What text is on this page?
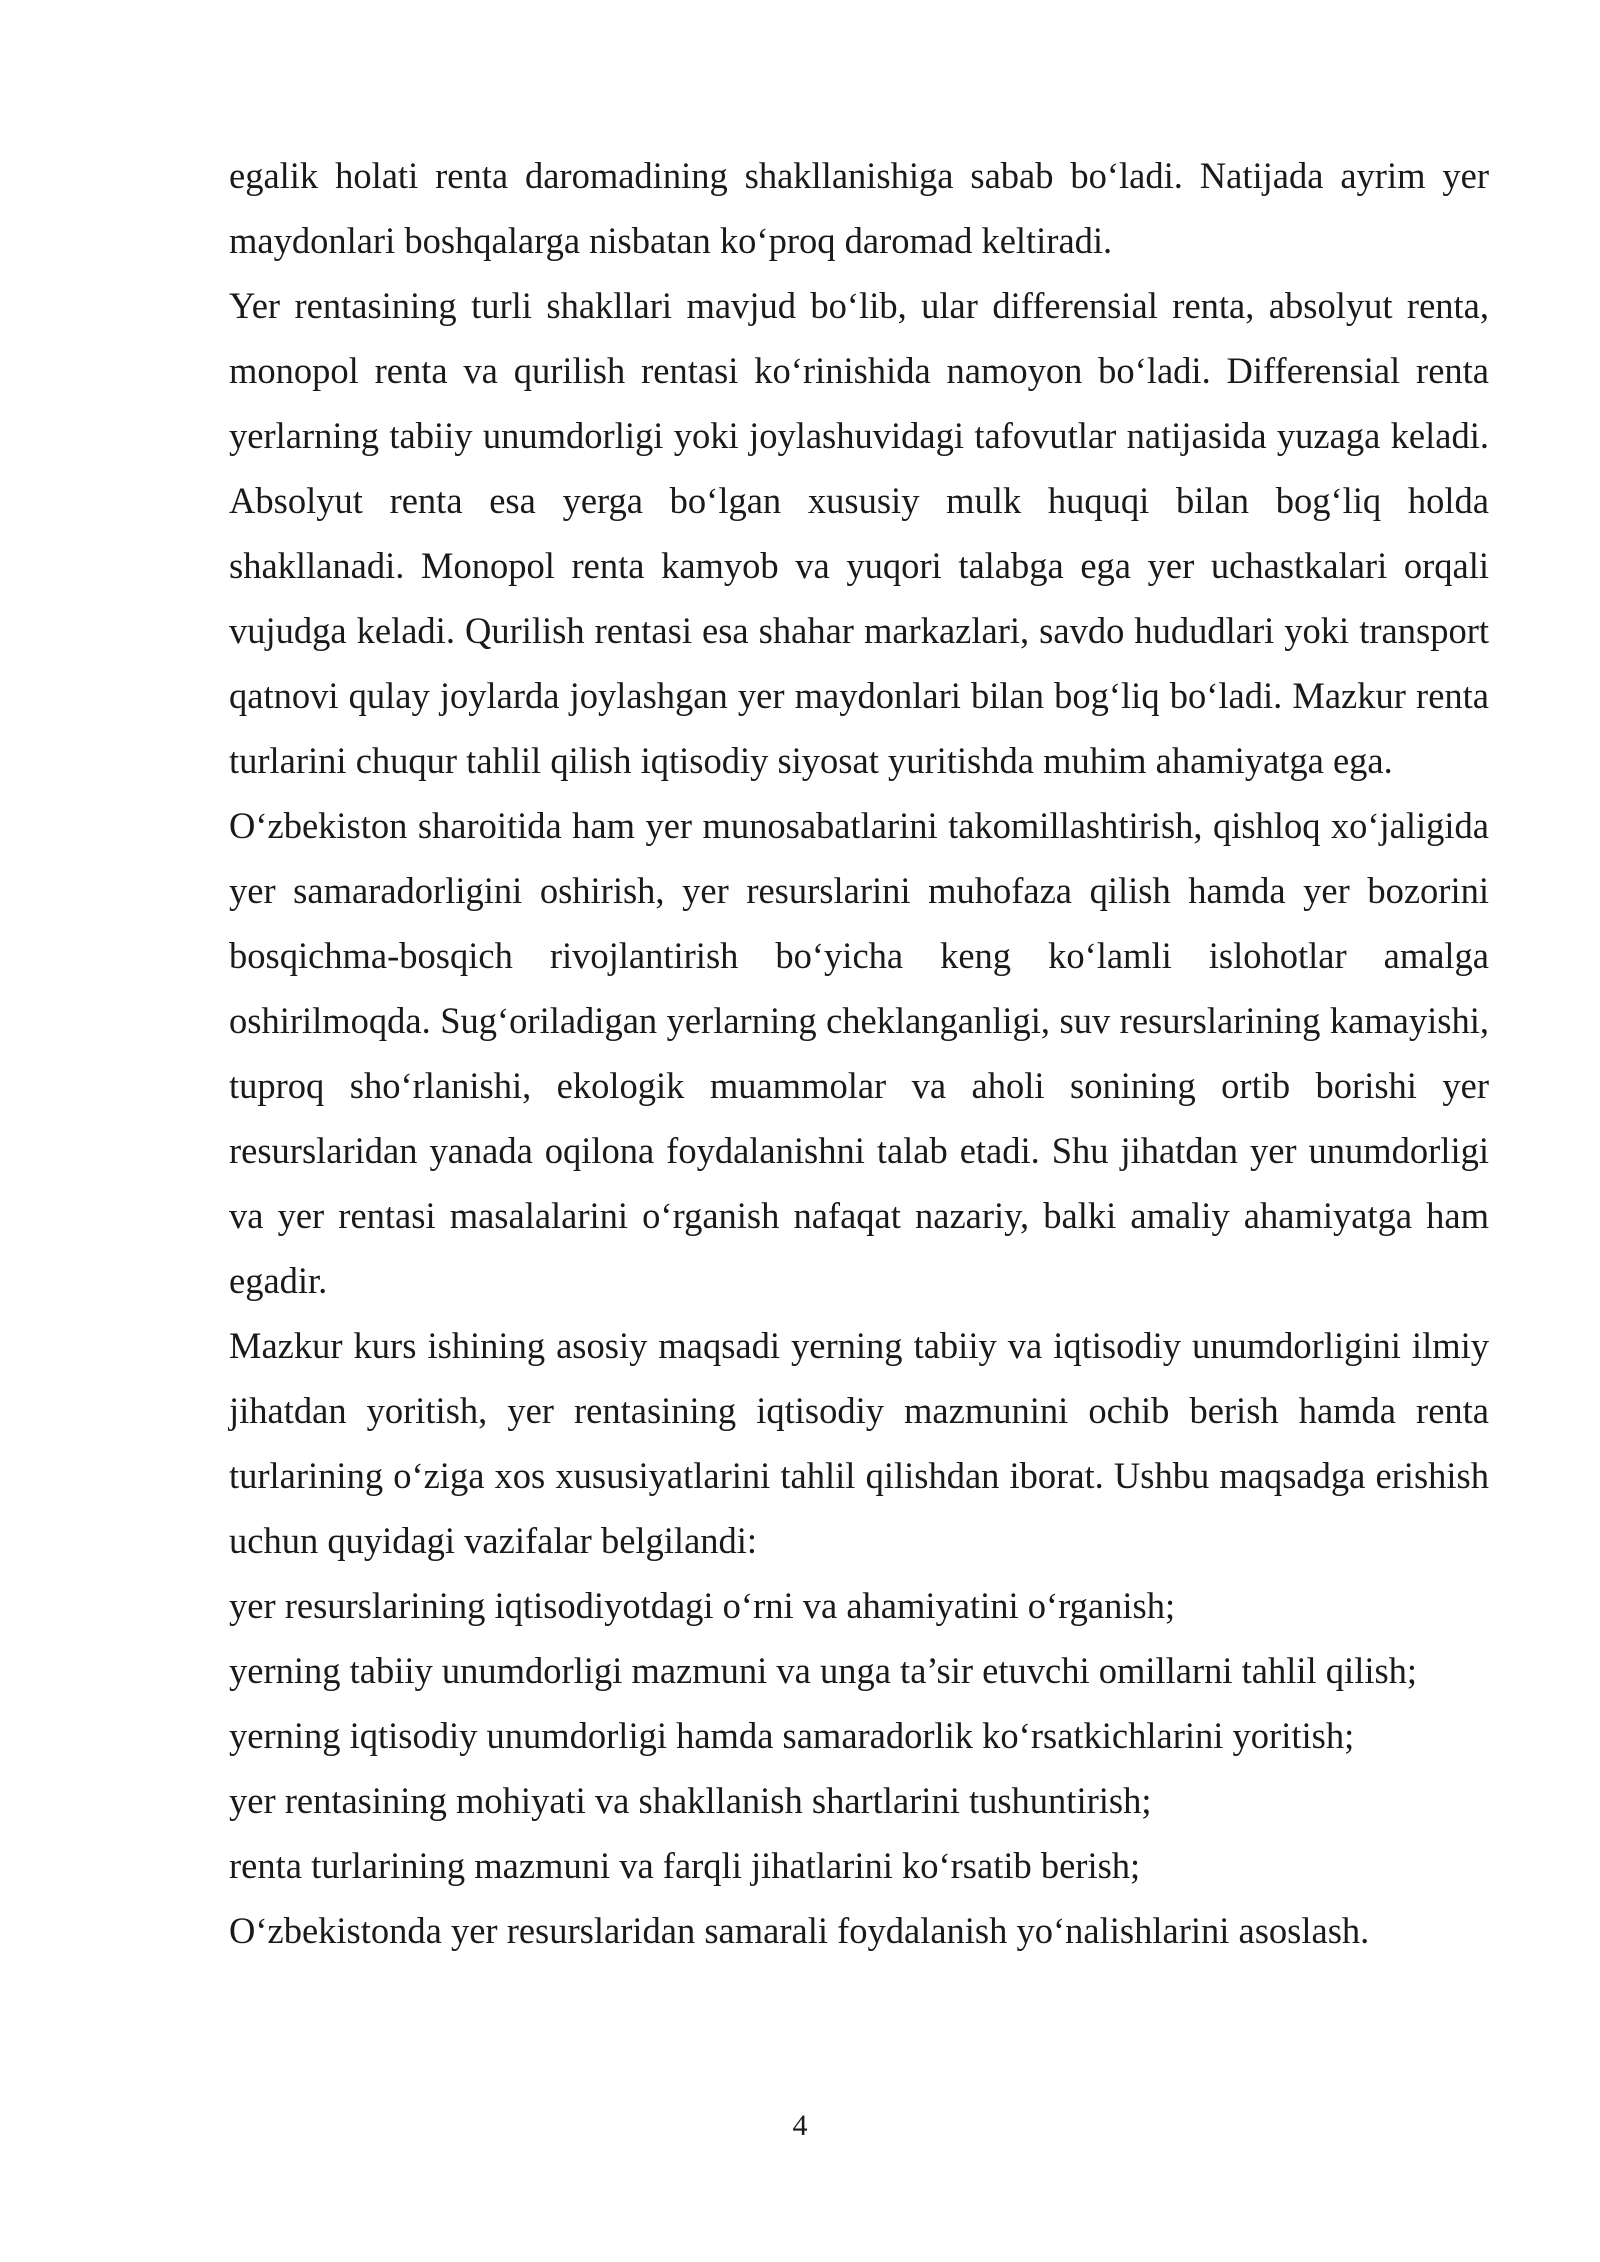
egalik holati renta daromadining shakllanishiga sabab bo‘ladi. Natijada ayrim yer maydonlari boshqalarga nisbatan ko‘proq daromad keltiradi.

Yer rentasining turli shakllari mavjud bo‘lib, ular differensial renta, absolyut renta, monopol renta va qurilish rentasi ko‘rinishida namoyon bo‘ladi. Differensial renta yerlarning tabiiy unumdorligi yoki joylashuvidagi tafovutlar natijasida yuzaga keladi. Absolyut renta esa yerga bo‘lgan xususiy mulk huquqi bilan bog‘liq holda shakllanadi. Monopol renta kamyob va yuqori talabga ega yer uchastkalari orqali vujudga keladi. Qurilish rentasi esa shahar markazlari, savdo hududlari yoki transport qatnovi qulay joylarda joylashgan yer maydonlari bilan bog‘liq bo‘ladi. Mazkur renta turlarini chuqur tahlil qilish iqtisodiy siyosat yuritishda muhim ahamiyatga ega.

O‘zbekiston sharoitida ham yer munosabatlarini takomillashtirish, qishloq xo‘jaligida yer samaradorligini oshirish, yer resurslarini muhofaza qilish hamda yer bozorini bosqichma-bosqich rivojlantirish bo‘yicha keng ko‘lamli islohotlar amalga oshirilmoqda. Sug‘oriladigan yerlarning cheklanganligi, suv resurslarining kamayishi, tuproq sho‘rlanishi, ekologik muammolar va aholi sonining ortib borishi yer resurslaridan yanada oqilona foydalanishni talab etadi. Shu jihatdan yer unumdorligi va yer rentasi masalalarini o‘rganish nafaqat nazariy, balki amaliy ahamiyatga ham egadir.

Mazkur kurs ishining asosiy maqsadi yerning tabiiy va iqtisodiy unumdorligini ilmiy jihatdan yoritish, yer rentasining iqtisodiy mazmunini ochib berish hamda renta turlarining o‘ziga xos xususiyatlarini tahlil qilishdan iborat. Ushbu maqsadga erishish uchun quyidagi vazifalar belgilandi:

yer resurslarining iqtisodiyotdagi o‘rni va ahamiyatini o‘rganish;

yerning tabiiy unumdorligi mazmuni va unga ta’sir etuvchi omillarni tahlil qilish;

yerning iqtisodiy unumdorligi hamda samaradorlik ko‘rsatkichlarini yoritish;

yer rentasining mohiyati va shakllanish shartlarini tushuntirish;

renta turlarining mazmuni va farqli jihatlarini ko‘rsatib berish;

O‘zbekistonda yer resurslaridan samarali foydalanish yo‘nalishlarini asoslash.

4
